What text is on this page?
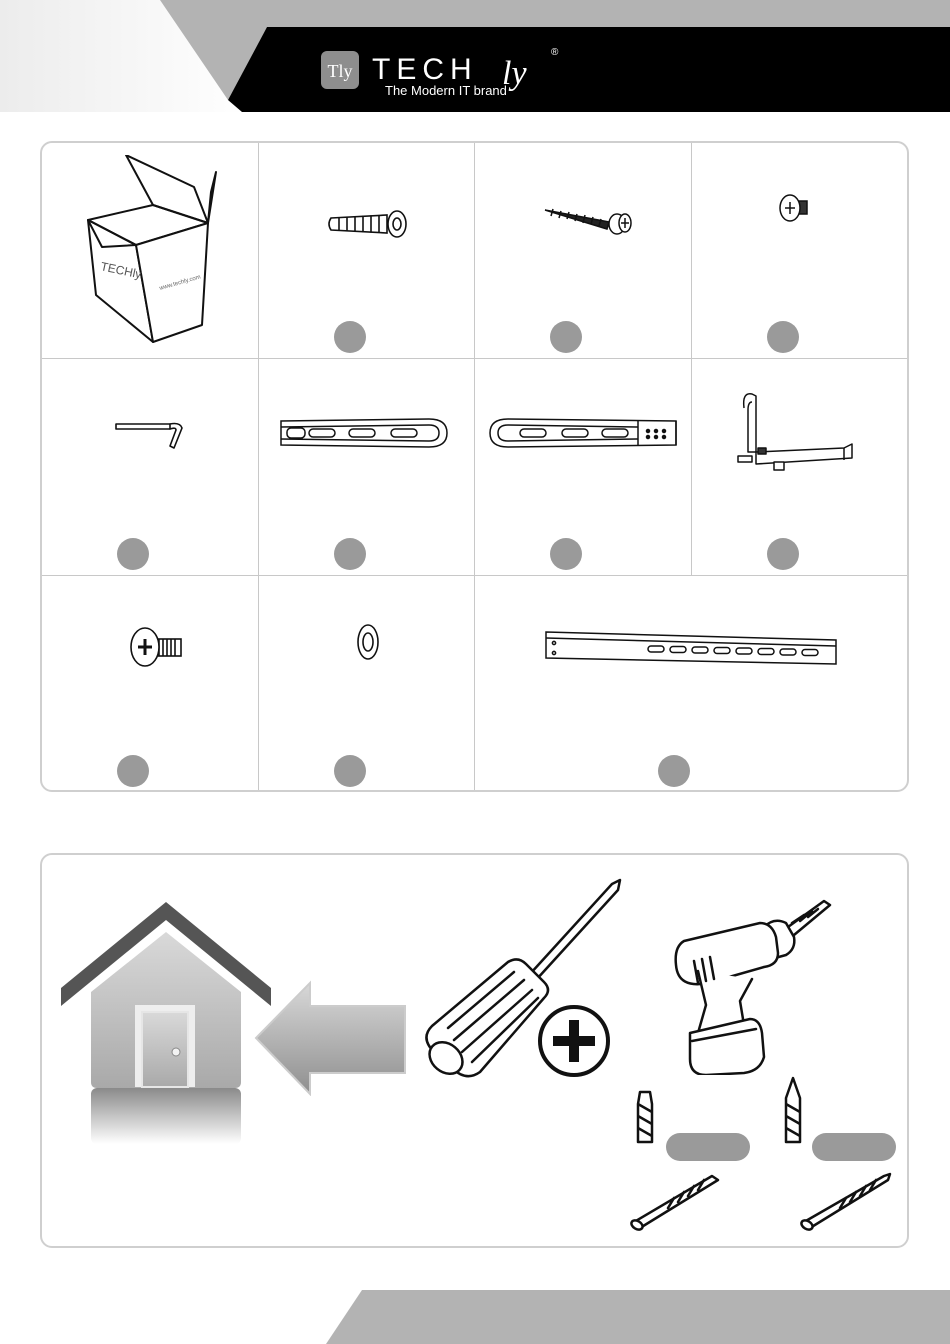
Tly TECH ly
®
The Modern IT brand
TECHly
www.techly.com
